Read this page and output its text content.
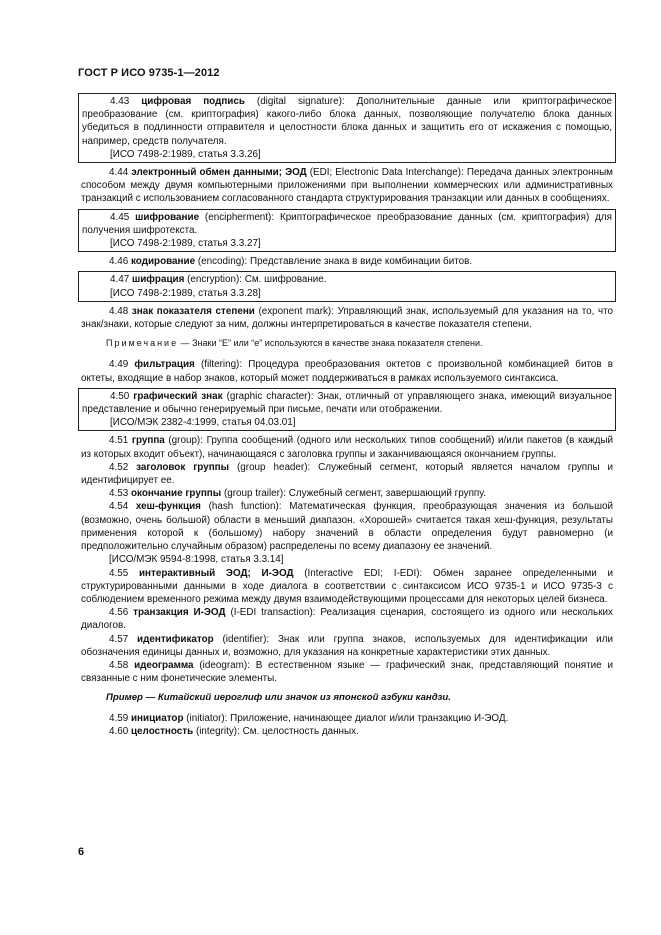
ГОСТ Р ИСО 9735-1—2012

4.43 цифровая подпись (digital signature): Дополнительные данные или криптографическое преобразование (см. криптография) какого-либо блока данных, позволяющие получателю блока данных убедиться в подлинности отправителя и целостности блока данных и защитить его от искажения с помощью, например, средств получателя.

[ИСО 7498-2:1989, статья 3.3.26]

4.44 электронный обмен данными; ЭОД (EDI; Electronic Data Interchange): Передача данных электронным способом между двумя компьютерными приложениями при выполнении коммерческих или административных транзакций с использованием согласованного стандарта структурирования транзакции или данных в сообщениях.

4.45 шифрование (encipherment): Криптографическое преобразование данных (см. криптография) для получения шифротекста.

[ИСО 7498-2:1989, статья 3.3.27]

4.46 кодирование (encoding): Представление знака в виде комбинации битов.

4.47 шифрация (encryption): См. шифрование.

[ИСО 7498-2:1989, статья 3.3.28]

4.48 знак показателя степени (exponent mark): Управляющий знак, используемый для указания на то, что знак/знаки, которые следуют за ним, должны интерпретироваться в качестве показателя степени.

Примечание — Знаки “E” или “e” используются в качестве знака показателя степени.

4.49 фильтрация (filtering): Процедура преобразования октетов с произвольной комбинацией битов в октеты, входящие в набор знаков, который может поддерживаться в рамках используемого синтаксиса.

4.50 графический знак (graphic character): Знак, отличный от управляющего знака, имеющий визуальное представление и обычно генерируемый при письме, печати или отображении.

[ИСО/МЭК 2382-4:1999, статья 04.03.01]

4.51 группа (group): Группа сообщений (одного или нескольких типов сообщений) и/или пакетов (в каждый из которых входит объект), начинающаяся с заголовка группы и заканчивающаяся окончанием группы.

4.52 заголовок группы (group header): Служебный сегмент, который является началом группы и идентифицирует ее.

4.53 окончание группы (group trailer): Служебный сегмент, завершающий группу.

4.54 хеш-функция (hash function): Математическая функция, преобразующая значения из большой (возможно, очень большой) области в меньший диапазон. «Хорошей» считается такая хеш-функция, результаты применения которой к (большому) набору значений в области определения будут равномерно (и предположительно случайным образом) распределены по всему диапазону ее значений.

[ИСО/МЭК 9594-8:1998, статья 3.3.14]

4.55 интерактивный ЭОД; И-ЭОД (Interactive EDI; I-EDI): Обмен заранее определенными и структурированными данными в ходе диалога в соответствии с синтаксисом ИСО 9735-1 и ИСО 9735-3 с соблюдением временного режима между двумя взаимодействующими процессами для некоторых целей бизнеса.

4.56 транзакция И-ЭОД (I-EDI transaction): Реализация сценария, состоящего из одного или нескольких диалогов.

4.57 идентификатор (identifier): Знак или группа знаков, используемых для идентификации или обозначения единицы данных и, возможно, для указания на конкретные характеристики этих данных.

4.58 идеограмма (ideogram): В естественном языке — графический знак, представляющий понятие и связанные с ним фонетические элементы.

Пример — Китайский иероглиф или значок из японской азбуки кандзи.

4.59 инициатор (initiator): Приложение, начинающее диалог и/или транзакцию И-ЭОД.

4.60 целостность (integrity): См. целостность данных.

6
